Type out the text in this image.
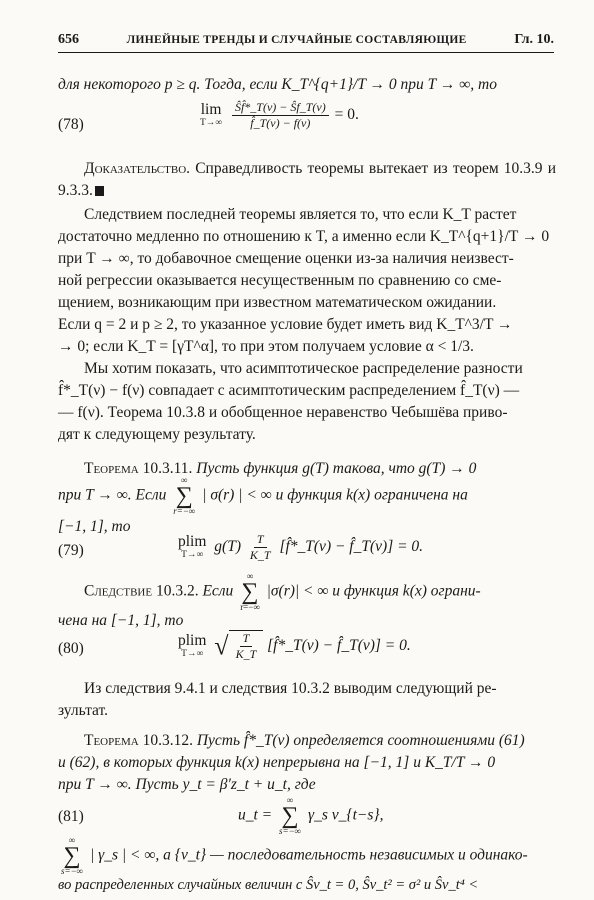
656	ЛИНЕЙНЫЕ ТРЕНДЫ И СЛУЧАЙНЫЕ СОСТАВЛЯЮЩИЕ	Гл. 10.
для некоторого p ≥ q. Тогда, если K_T^{q+1}/T → 0 при T → ∞, то
(78)
lim
T→∞
$\frac{Ŝf̂*\_T(\nu) - Ŝf\_T(\nu)}{f̂\_T(\nu) - f(\nu)} = 0$.
Доказательство. Справедливость теоремы вытекает из теорем 10.3.9 и 9.3.3.
Следствием последней теоремы является то, что если K_T растет
достаточно медленно по отношению к T, а именно если K_T^{q+1}/T → 0
при T → ∞, то добавочное смещение оценки из-за наличия неизвест-
ной регрессии оказывается несущественным по сравнению со сме-
щением, возникающим при известном математическом ожидании.
Если q = 2 и p ≥ 2, то указанное условие будет иметь вид K_T^3/T →
→ 0; если K_T = [γT^α], то при этом получаем условие α < 1/3.
Мы хотим показать, что асимптотическое распределение разности
f̂*_T(ν) − f(ν) совпадает с асимптотическим распределением f̂_T(ν) —
— f(ν). Теорема 10.3.8 и обобщенное неравенство Чебышёва приво-
дят к следующему результату.
Теорема 10.3.11. Пусть функция g(T) такова, что g(T) → 0
при T → ∞. Если
∞
∑
r=−∞
| σ(r) | < ∞ и функция k(x) ограничена на
[−1, 1], то
(79)
plim
T→∞ $g(T) \frac{T}{K\_T}$ [f̂*_T(ν) − f̂_T(ν)] = 0.
Следствие 10.3.2. Если
∞
∑
r=−∞
|σ(r)| < ∞ и функция k(x) ограни-
чена на [−1, 1], то
(80)	plim
T→∞ √ $\frac{T}{K\_T}$ [f̂*_T(ν) − f̂_T(ν)] = 0.
Из следствия 9.4.1 и следствия 10.3.2 выводим следующий ре-
зультат.
Теорема 10.3.12. Пусть f̂*_T(ν) определяется соотношениями (61)
и (62), в которых функция k(x) непрерывна на [−1, 1] и K_T/T → 0
при T → ∞. Пусть y_t = β′z_t + u_t, где
(81)	u_t =
∞
∑
s=−∞
γ_s v_{t−s},
∞
∑
s=−∞
| γ_s | < ∞, а {v_t} — последовательность независимых и одинако-
во распределенных случайных величин с Ŝv_t = 0, Ŝv_t² = σ² и Ŝv_t⁴ <
